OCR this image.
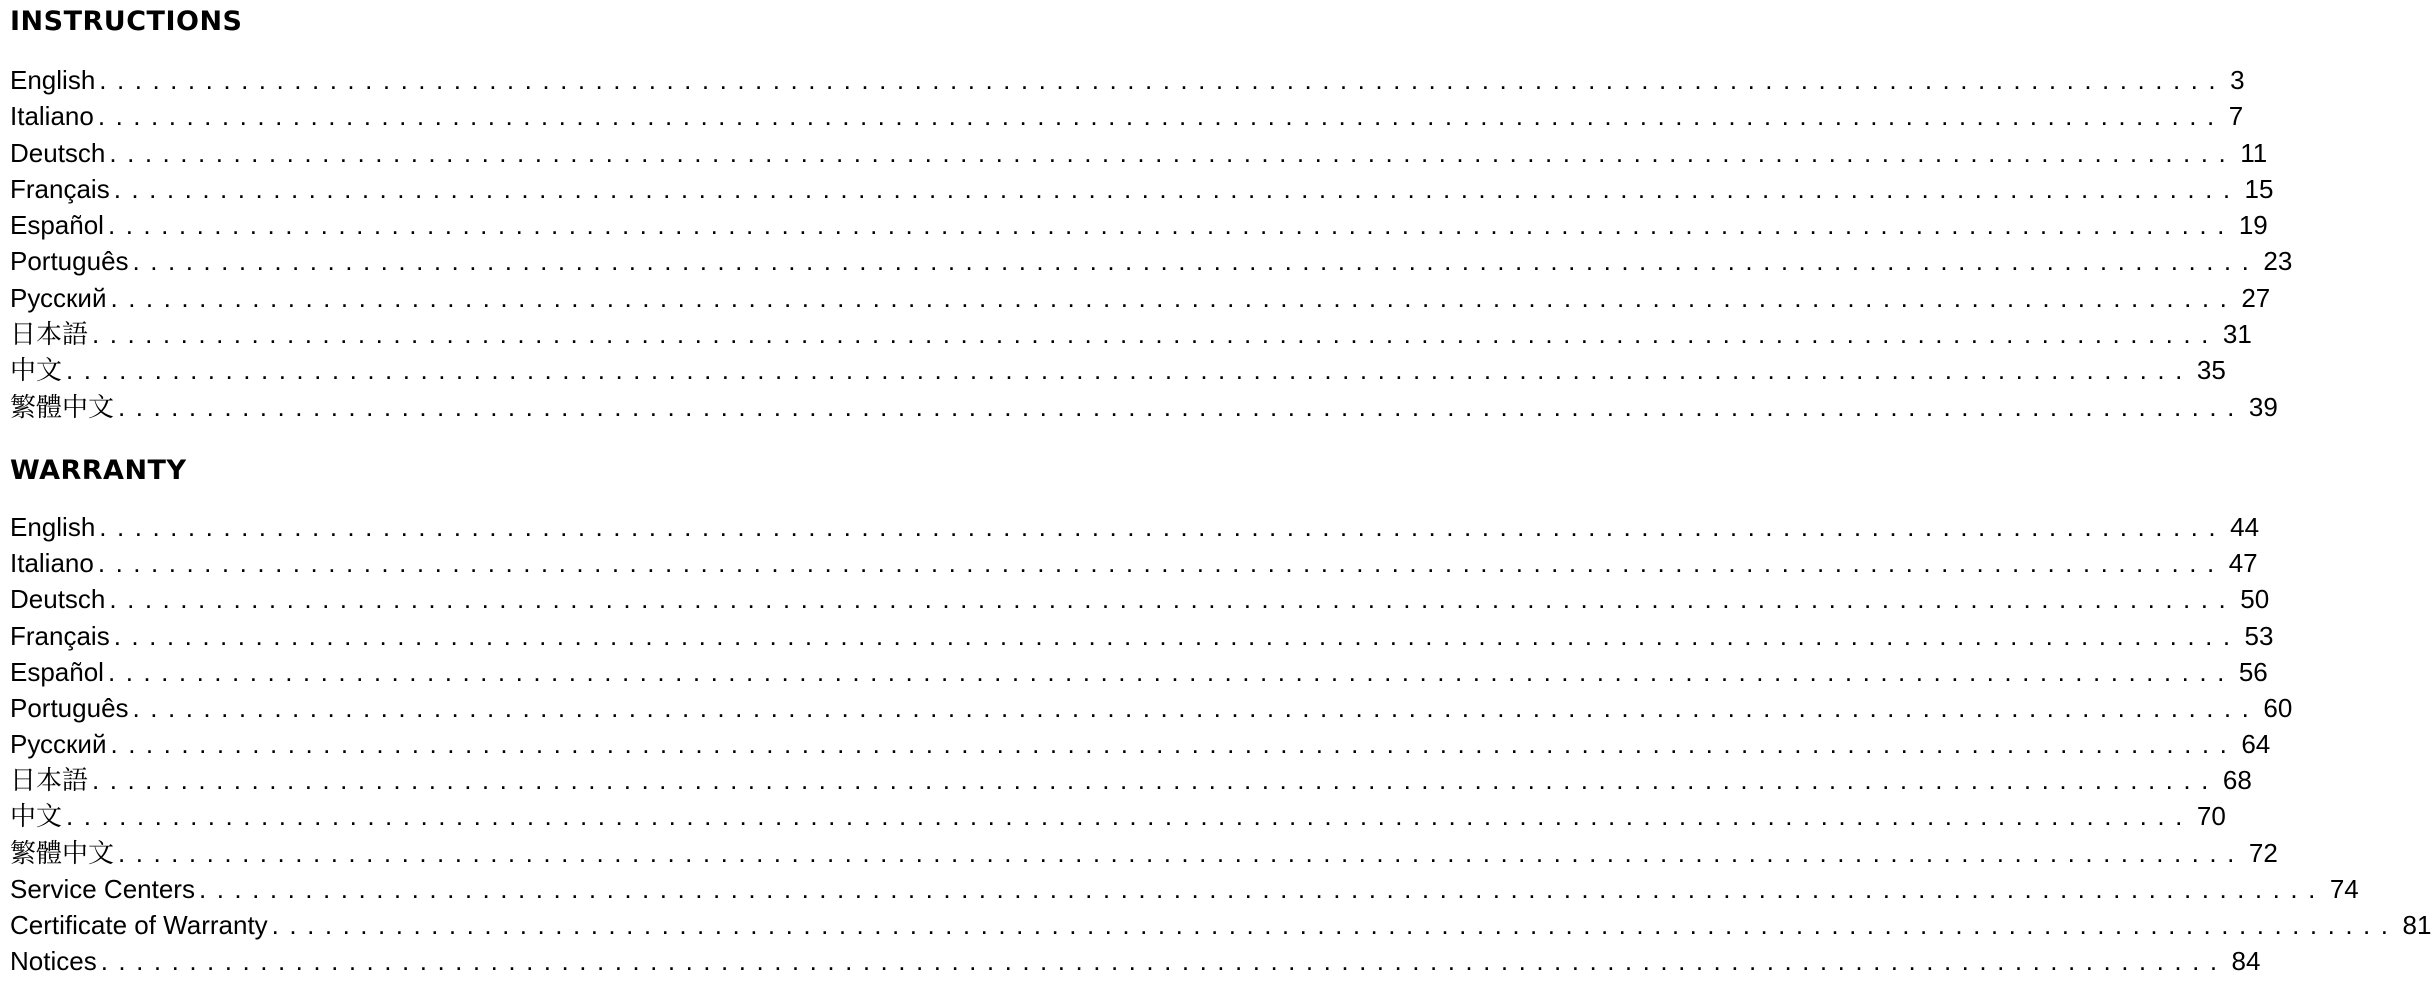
INSTRUCTIONS
English ........................................................................................................................ 3
Italiano ........................................................................................................................ 7
Deutsch ........................................................................................................................ 11
Français ........................................................................................................................ 15
Español ........................................................................................................................ 19
Português ........................................................................................................................ 23
Русский ........................................................................................................................ 27
日本語 ........................................................................................................................ 31
中文 ........................................................................................................................ 35
繁體中文 ........................................................................................................................ 39
WARRANTY
English ........................................................................................................................ 44
Italiano ........................................................................................................................ 47
Deutsch ........................................................................................................................ 50
Français ........................................................................................................................ 53
Español ........................................................................................................................ 56
Português ........................................................................................................................ 60
Русский ........................................................................................................................ 64
日本語 ........................................................................................................................ 68
中文 ........................................................................................................................ 70
繁體中文 ........................................................................................................................ 72
Service Centers ........................................................................................................................ 74
Certificate of Warranty ........................................................................................................................ 81
Notices ........................................................................................................................ 84
